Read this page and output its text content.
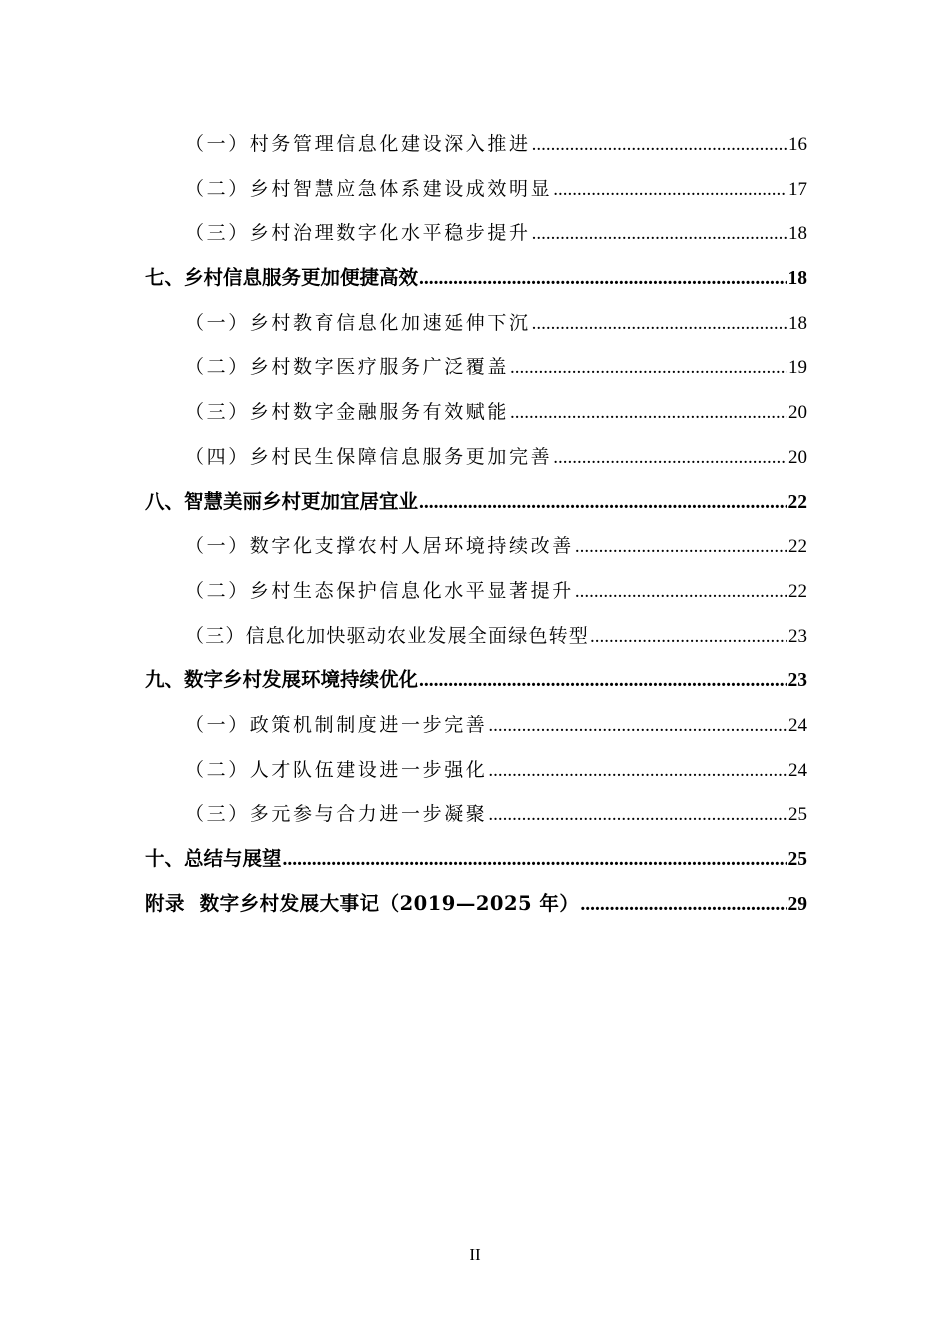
（一）村务管理信息化建设深入推进 .....	16
（二）乡村智慧应急体系建设成效明显 .....	17
（三）乡村治理数字化水平稳步提升 .....	18
七、乡村信息服务更加便捷高效 .....	18
（一）乡村教育信息化加速延伸下沉 .....	18
（二）乡村数字医疗服务广泛覆盖 .....	19
（三）乡村数字金融服务有效赋能 .....	20
（四）乡村民生保障信息服务更加完善 .....	20
八、智慧美丽乡村更加宜居宜业 .....	22
（一）数字化支撑农村人居环境持续改善 .....	22
（二）乡村生态保护信息化水平显著提升 .....	22
（三）信息化加快驱动农业发展全面绿色转型 .....	23
九、数字乡村发展环境持续优化 .....	23
（一）政策机制制度进一步完善 .....	24
（二）人才队伍建设进一步强化 .....	24
（三）多元参与合力进一步凝聚 .....	25
十、总结与展望 .....	25
附录  数字乡村发展大事记（2019—2025 年） .....	29
II
